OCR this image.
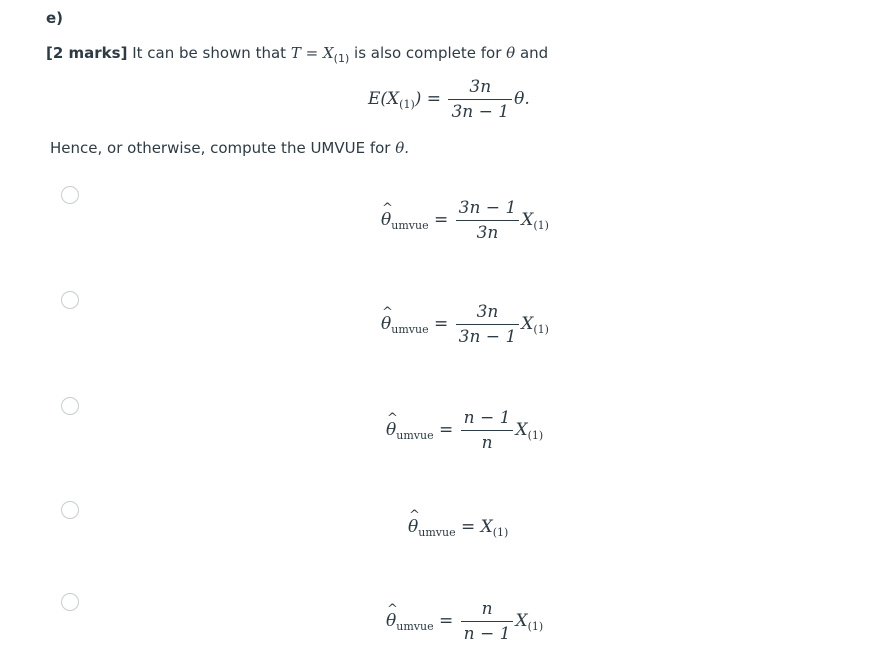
e)
[2 marks] It can be shown that $T = X_{(1)}$ is also complete for θ and
$E(X_{(1)}) = \frac{3n}{3n - 1} \theta$.
Hence, or otherwise, compute the UMVUE for θ.
^ $\theta_{umvue} = \frac{3n - 1}{3n} X_{(1)}$
^ $\theta_{umvue} = \frac{3n}{3n - 1} X_{(1)}$
^ $\theta_{umvue} = \frac{n - 1}{n} X_{(1)}$
^ $\theta_{umvue} = X_{(1)}$
^ $\theta_{umvue} = \frac{n}{n - 1} X_{(1)}$
